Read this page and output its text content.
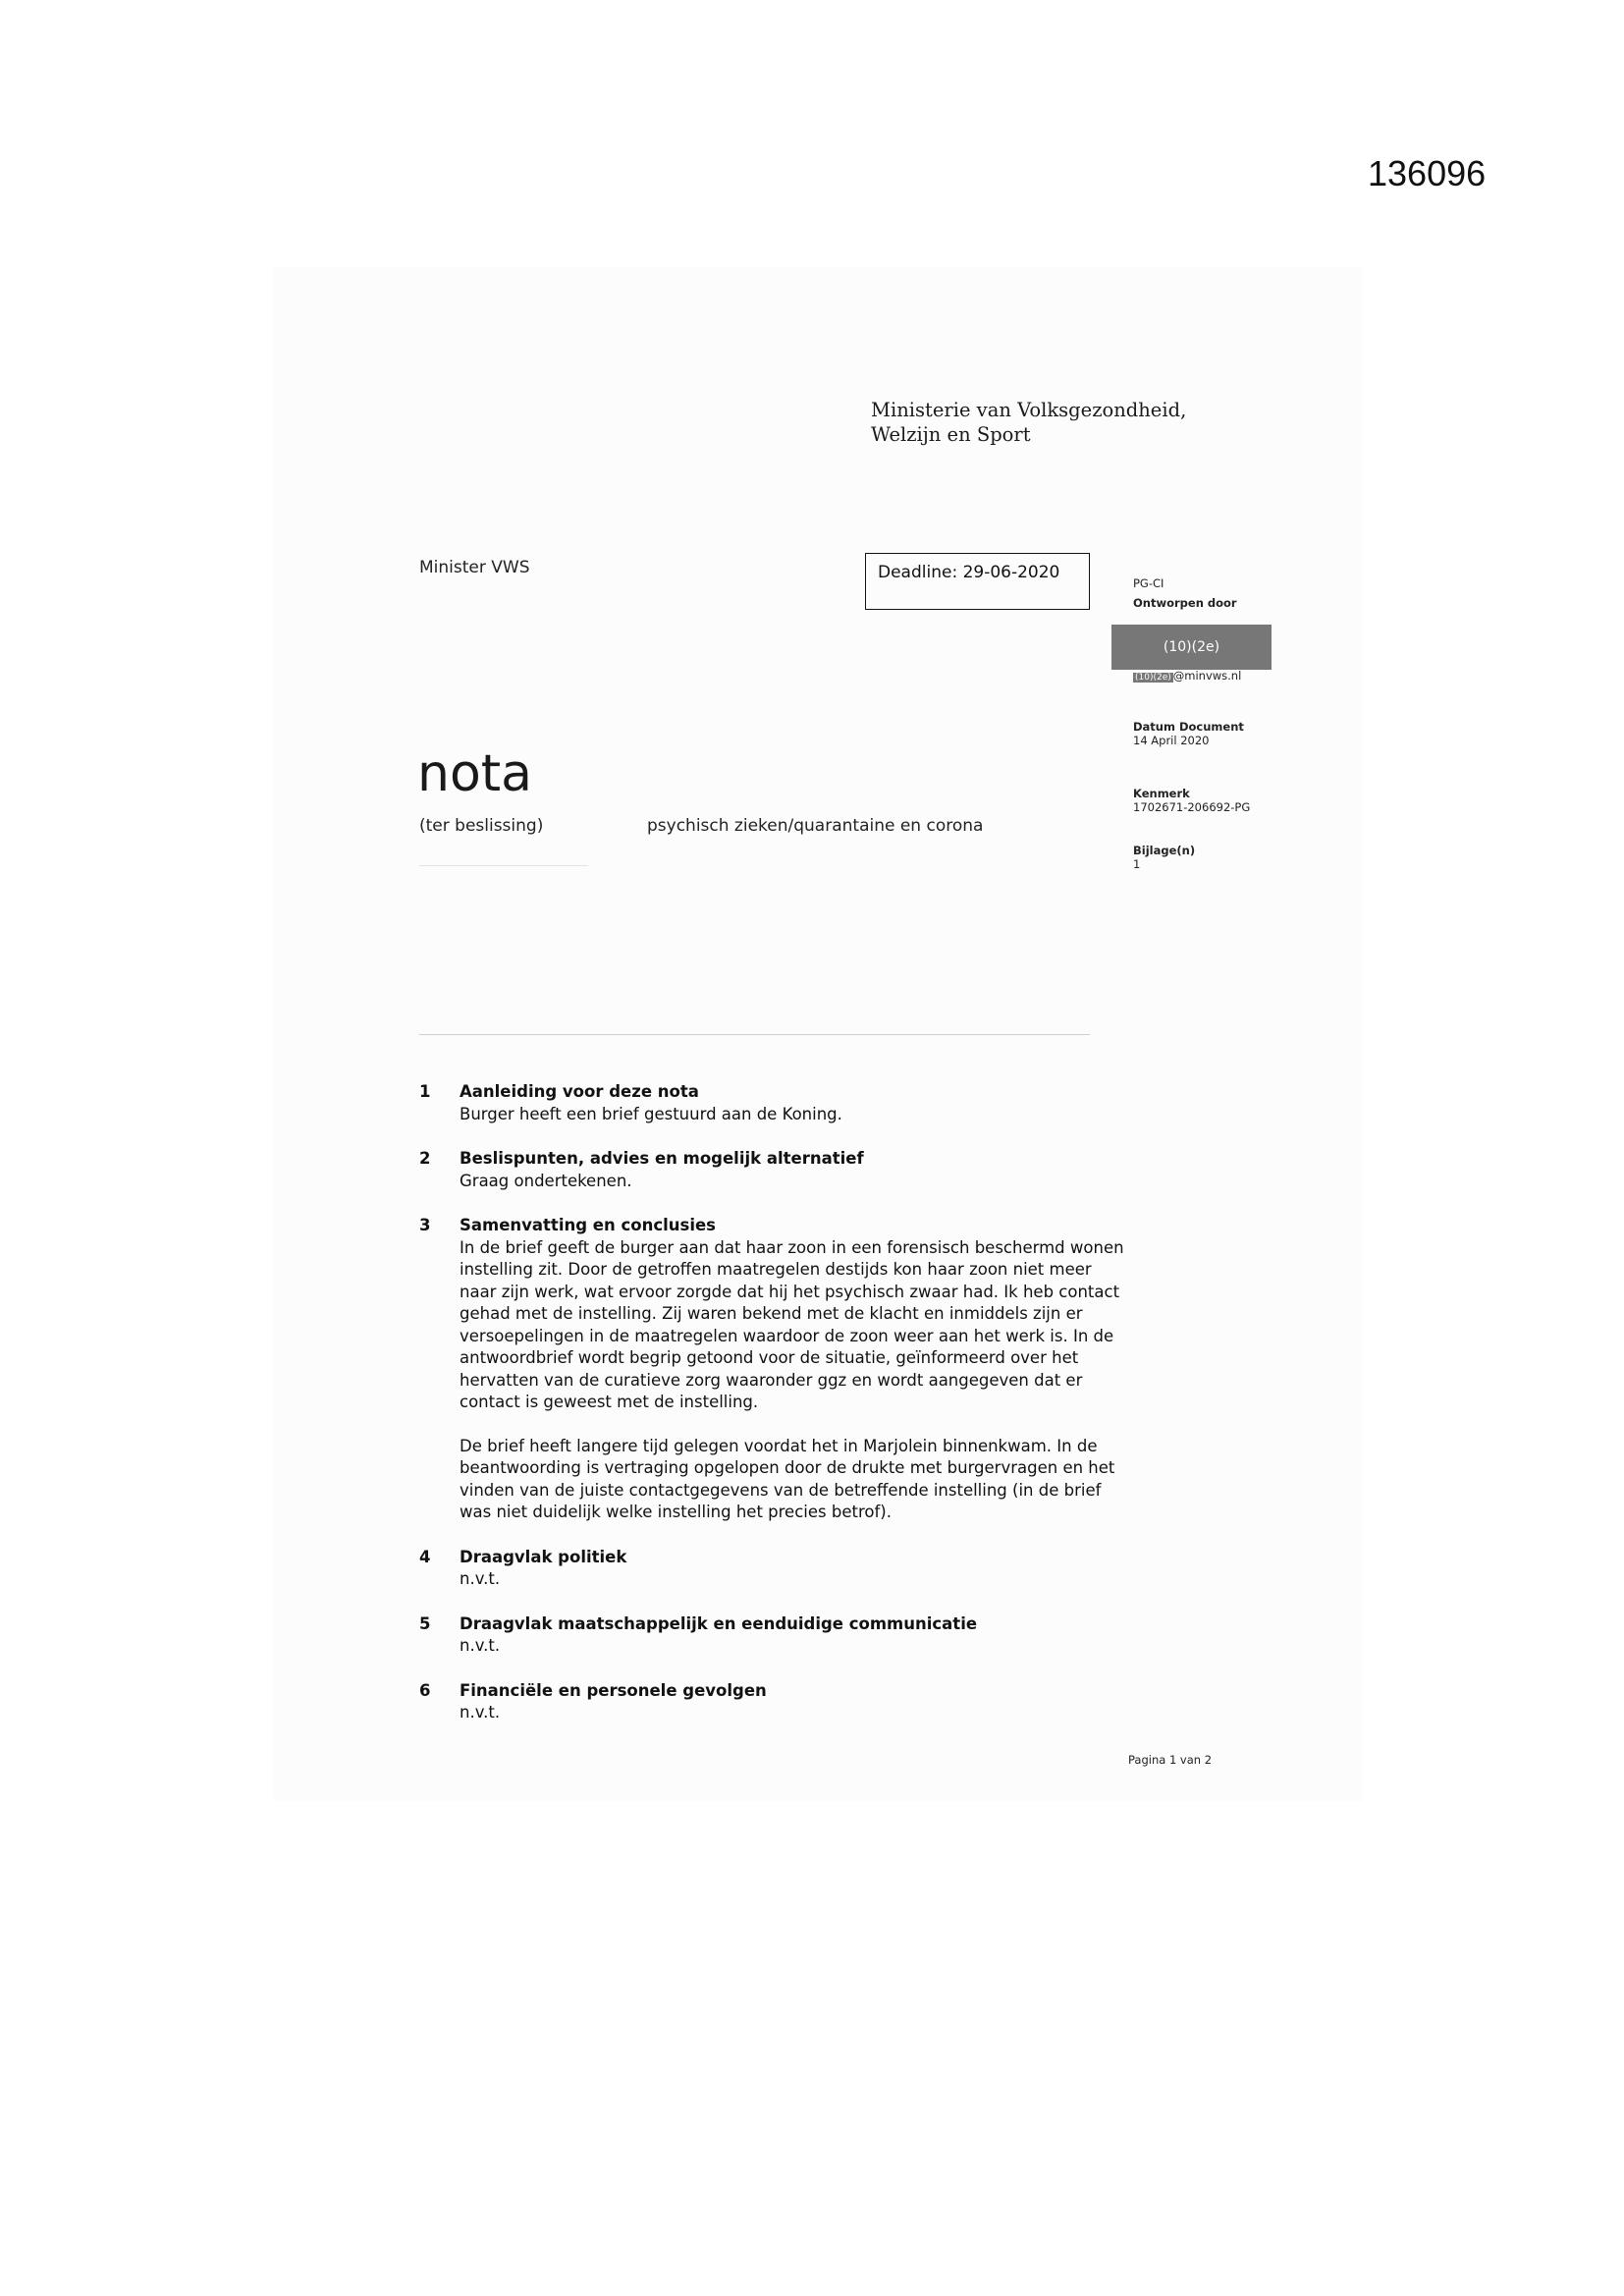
136096
Ministerie van Volksgezondheid,
Welzijn en Sport
Minister VWS	Deadline: 29-06-2020
PG-CI
Ontworpen door
(10)(2e)
(10)(2e) @minvws.nl
Datum Document
14 April 2020
Kenmerk
1702671-206692-PG
Bijlage(n)
1
nota
(ter beslissing)	psychisch zieken/quarantaine en corona
1 Aanleiding voor deze nota
Burger heeft een brief gestuurd aan de Koning.
2 Beslispunten, advies en mogelijk alternatief
Graag ondertekenen.
3 Samenvatting en conclusies
In de brief geeft de burger aan dat haar zoon in een forensisch beschermd wonen instelling zit. Door de getroffen maatregelen destijds kon haar zoon niet meer naar zijn werk, wat ervoor zorgde dat hij het psychisch zwaar had. Ik heb contact gehad met de instelling. Zij waren bekend met de klacht en inmiddels zijn er versoepelingen in de maatregelen waardoor de zoon weer aan het werk is. In de antwoordbrief wordt begrip getoond voor de situatie, geïnformeerd over het hervatten van de curatieve zorg waaronder ggz en wordt aangegeven dat er contact is geweest met de instelling.
De brief heeft langere tijd gelegen voordat het in Marjolein binnenkwam. In de beantwoording is vertraging opgelopen door de drukte met burgervragen en het vinden van de juiste contactgegevens van de betreffende instelling (in de brief was niet duidelijk welke instelling het precies betrof).
4 Draagvlak politiek
n.v.t.
5 Draagvlak maatschappelijk en eenduidige communicatie
n.v.t.
6 Financiële en personele gevolgen
n.v.t.
Pagina 1 van 2
